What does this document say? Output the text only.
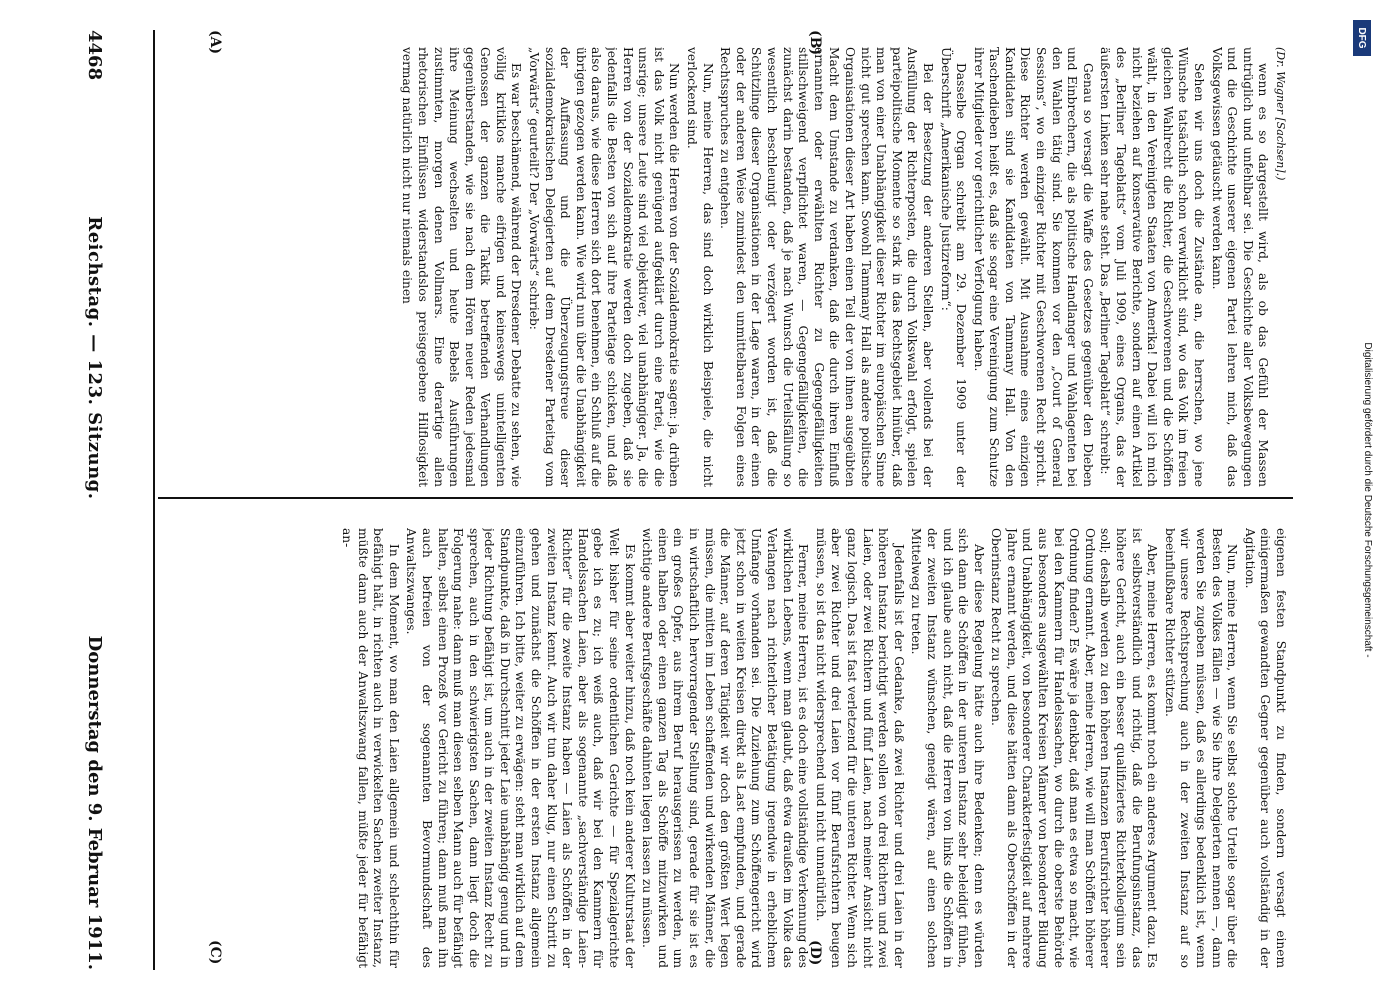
(A)	(B)
(C)	(D)

(Dr. Wagner [Sachsen].)

wenn es so dargestellt wird, als ob das Gefühl der Massen untrüglich und unfehlbar sei. Die Geschichte aller Volksbewegungen und die Geschichte unserer eigenen Partei lehren mich, daß das Volksgewissen getäuscht werden kann.

Sehen wir uns doch die Zustände an, die herrschen, wo jene Wünsche tatsächlich schon verwirklicht sind, wo das Volk im freien gleichen Wahlrecht die Richter, die Geschworenen und die Schöffen wählt, in den Vereinigten Staaten von Amerika! Dabei will ich mich nicht beziehen auf konservative Berichte, sondern auf einen Artikel des „Berliner Tageblatts“ vom Juli 1909, eines Organs, das der äußersten Linken sehr nahe steht. Das „Berliner Tageblatt“ schreibt:

Genau so versagt die Waffe des Gesetzes gegenüber den Dieben und Einbrechern, die als politische Handlanger und Wahlagenten bei den Wahlen tätig sind. Sie kommen vor den „Court of General Sessions“, wo ein einziger Richter mit Geschworenen Recht spricht. Diese Richter werden gewählt. Mit Ausnahme eines einzigen Kandidaten sind sie Kandidaten von Tammany Hall. Von den Taschendieben heißt es, daß sie sogar eine Vereinigung zum Schutze ihrer Mitglieder vor gerichtlicher Verfolgung haben.

Dasselbe Organ schreibt am 29. Dezember 1909 unter der Überschrift „Amerikanische Justizreform“:

Bei der Besetzung der anderen Stellen, aber vollends bei der Ausfüllung der Richterposten, die durch Volkswahl erfolgt, spielen parteipolitische Momente so stark in das Rechtsgebiet hinüber, daß man von einer Unabhängigkeit dieser Richter im europäischen Sinne nicht gut sprechen kann. Sowohl Tammany Hall als andere politische Organisationen dieser Art haben einen Teil der von ihnen ausgeübten Macht dem Umstande zu verdanken, daß die durch ihren Einfluß ernannten oder erwählten Richter zu Gegengefälligkeiten stillschweigend verpflichtet waren, — Gegengefälligkeiten, die zunächst darin bestanden, daß je nach Wunsch die Urteilsfällung so wesentlich beschleunigt oder verzögert worden ist, daß die Schützlinge dieser Organisationen in der Lage waren, in der einen oder der anderen Weise zumindest den unmittelbaren Folgen eines Rechtsspruches zu entgehen.

Nun, meine Herren, das sind doch wirklich Beispiele, die nicht verlockend sind.

Nun werden die Herren von der Sozialdemokratie sagen: ja, drüben ist das Volk nicht genügend aufgeklärt durch eine Partei, wie die unsrige; unsere Leute sind viel objektiver, viel unabhängiger. Ja, die Herren von der Sozialdemokratie werden doch zugeben, daß sie jedenfalls die Besten von sich auf ihre Parteitage schicken, und daß also daraus, wie diese Herren sich dort benehmen, ein Schluß auf die übrigen gezogen werden kann. Wie wird nun über die Unabhängigkeit der Auffassung und die Überzeugungstreue dieser sozialdemokratischen Delegierten auf dem Dresdener Parteitag vom „Vorwärts“ geurteilt? Der „Vorwärts“ schrieb:

Es war beschämend, während der Dresdener Debatte zu sehen, wie völlig kritiklos manche eifrigen und keineswegs unintelligenten Genossen der ganzen die Taktik betreffenden Verhandlungen gegenüberstanden, wie sie nach dem Hören neuer Reden jedesmal ihre Meinung wechselten und heute Bebels Ausführungen zustimmten, morgen denen Vollmars. Eine derartige allen rhetorischen Einflüssen widerstandslos preisgegebene Hilflosigkeit vermag natürlich nicht nur niemals einen

eigenen festen Standpunkt zu finden, sondern versagt einem einigermaßen gewandten Gegner gegenüber auch vollständig in der Agitation.

Nun, meine Herren, wenn Sie selbst solche Urteile sogar über die Besten des Volkes fällen — wie Sie ihre Delegierten nennen —, dann werden Sie zugeben müssen, daß es allerdings bedenklich ist, wenn wir unsere Rechtsprechung auch in der zweiten Instanz auf so beeinflußbare Richter stützen.

Aber, meine Herren, es kommt noch ein anderes Argument dazu. Es ist selbstverständlich und richtig, daß die Berufungsinstanz, das höhere Gericht, auch ein besser qualifiziertes Richterkollegium sein soll; deshalb werden zu den höheren Instanzen Berufsrichter höherer Ordnung ernannt. Aber, meine Herren, wie will man Schöffen höherer Ordnung finden? Es wäre ja denkbar, daß man es etwa so macht, wie bei den Kammern für Handelssachen, wo durch die oberste Behörde aus besonders ausgewählten Kreisen Männer von besonderer Bildung und Unabhängigkeit, von besonderer Charakterfestigkeit auf mehrere Jahre ernannt werden, und diese hätten dann als Oberschöffen in der Oberinstanz Recht zu sprechen.

Aber diese Regelung hätte auch ihre Bedenken; denn es würden sich dann die Schöffen in der unteren Instanz sehr beleidigt fühlen, und ich glaube auch nicht, daß die Herren von links die Schöffen in der zweiten Instanz wünschen, geneigt wären, auf einen solchen Mittelweg zu treten.

Jedenfalls ist der Gedanke, daß zwei Richter und drei Laien in der höheren Instanz berichtigt werden sollen von drei Richtern und zwei Laien, oder zwei Richtern und fünf Laien, nach meiner Ansicht nicht ganz logisch. Das ist fast verletzend für die unteren Richter. Wenn sich aber zwei Richter und drei Laien vor fünf Berufsrichtern beugen müssen, so ist das nicht widersprechend und nicht unnatürlich.

Ferner, meine Herren, ist es doch eine vollständige Verkennung des wirklichen Lebens, wenn man glaubt, daß etwa draußen im Volke das Verlangen nach richterlicher Betätigung irgendwie in erheblichem Umfange vorhanden sei. Die Zuziehung zum Schöffengericht wird jetzt schon in weiten Kreisen direkt als Last empfunden, und gerade die Männer, auf deren Tätigkeit wir doch den größten Wert legen müssen, die mitten im Leben schaffenden und wirkenden Männer, die in wirtschaftlich hervorragender Stellung sind, gerade für sie ist es ein großes Opfer, aus ihrem Beruf herausgerissen zu werden, um einen halben oder einen ganzen Tag als Schöffe mitzuwirken und wichtige andere Berufsgeschäfte dahinten liegen lassen zu müssen.

Es kommt aber weiter hinzu, daß noch kein anderer Kulturstaat der Welt bisher für seine ordentlichen Gerichte — für Spezialgerichte gebe ich es zu; ich weiß auch, daß wir bei den Kammern für Handelssachen Laien, aber als sogenannte „sachverständige Laien-Richter“ für die zweite Instanz haben — Laien als Schöffen in der zweiten Instanz kennt. Auch wir tun daher klug, nur einen Schritt zu gehen und zunächst die Schöffen in der ersten Instanz allgemein einzuführen. Ich bitte, weiter zu erwägen: steht man wirklich auf dem Standpunkte, daß in Durchschnitt jeder Laie unabhängig genug und in jeder Richtung befähigt ist, um auch in der zweiten Instanz Recht zu sprechen, auch in den schwierigsten Sachen, dann liegt doch die Folgerung nahe: dann muß man diesen selben Mann auch für befähigt halten, selbst einen Prozeß vor Gericht zu führen; dann muß man ihn auch befreien von der sogenannten Bevormundschaft des Anwaltszwanges.

In dem Moment, wo man den Laien allgemein und schlechthin für befähigt hält, in richten auch in verwickelten Sachen zweiter Instanz, müßte dann auch der Anwaltszwang fallen, müßte jeder für befähigt an-

4468
Reichstag. — 123. Sitzung.
Donnerstag den 9. Februar 1911.
Digitalisierung gefördert durch die Deutsche Forschungsgemeinschaft -
DFG
